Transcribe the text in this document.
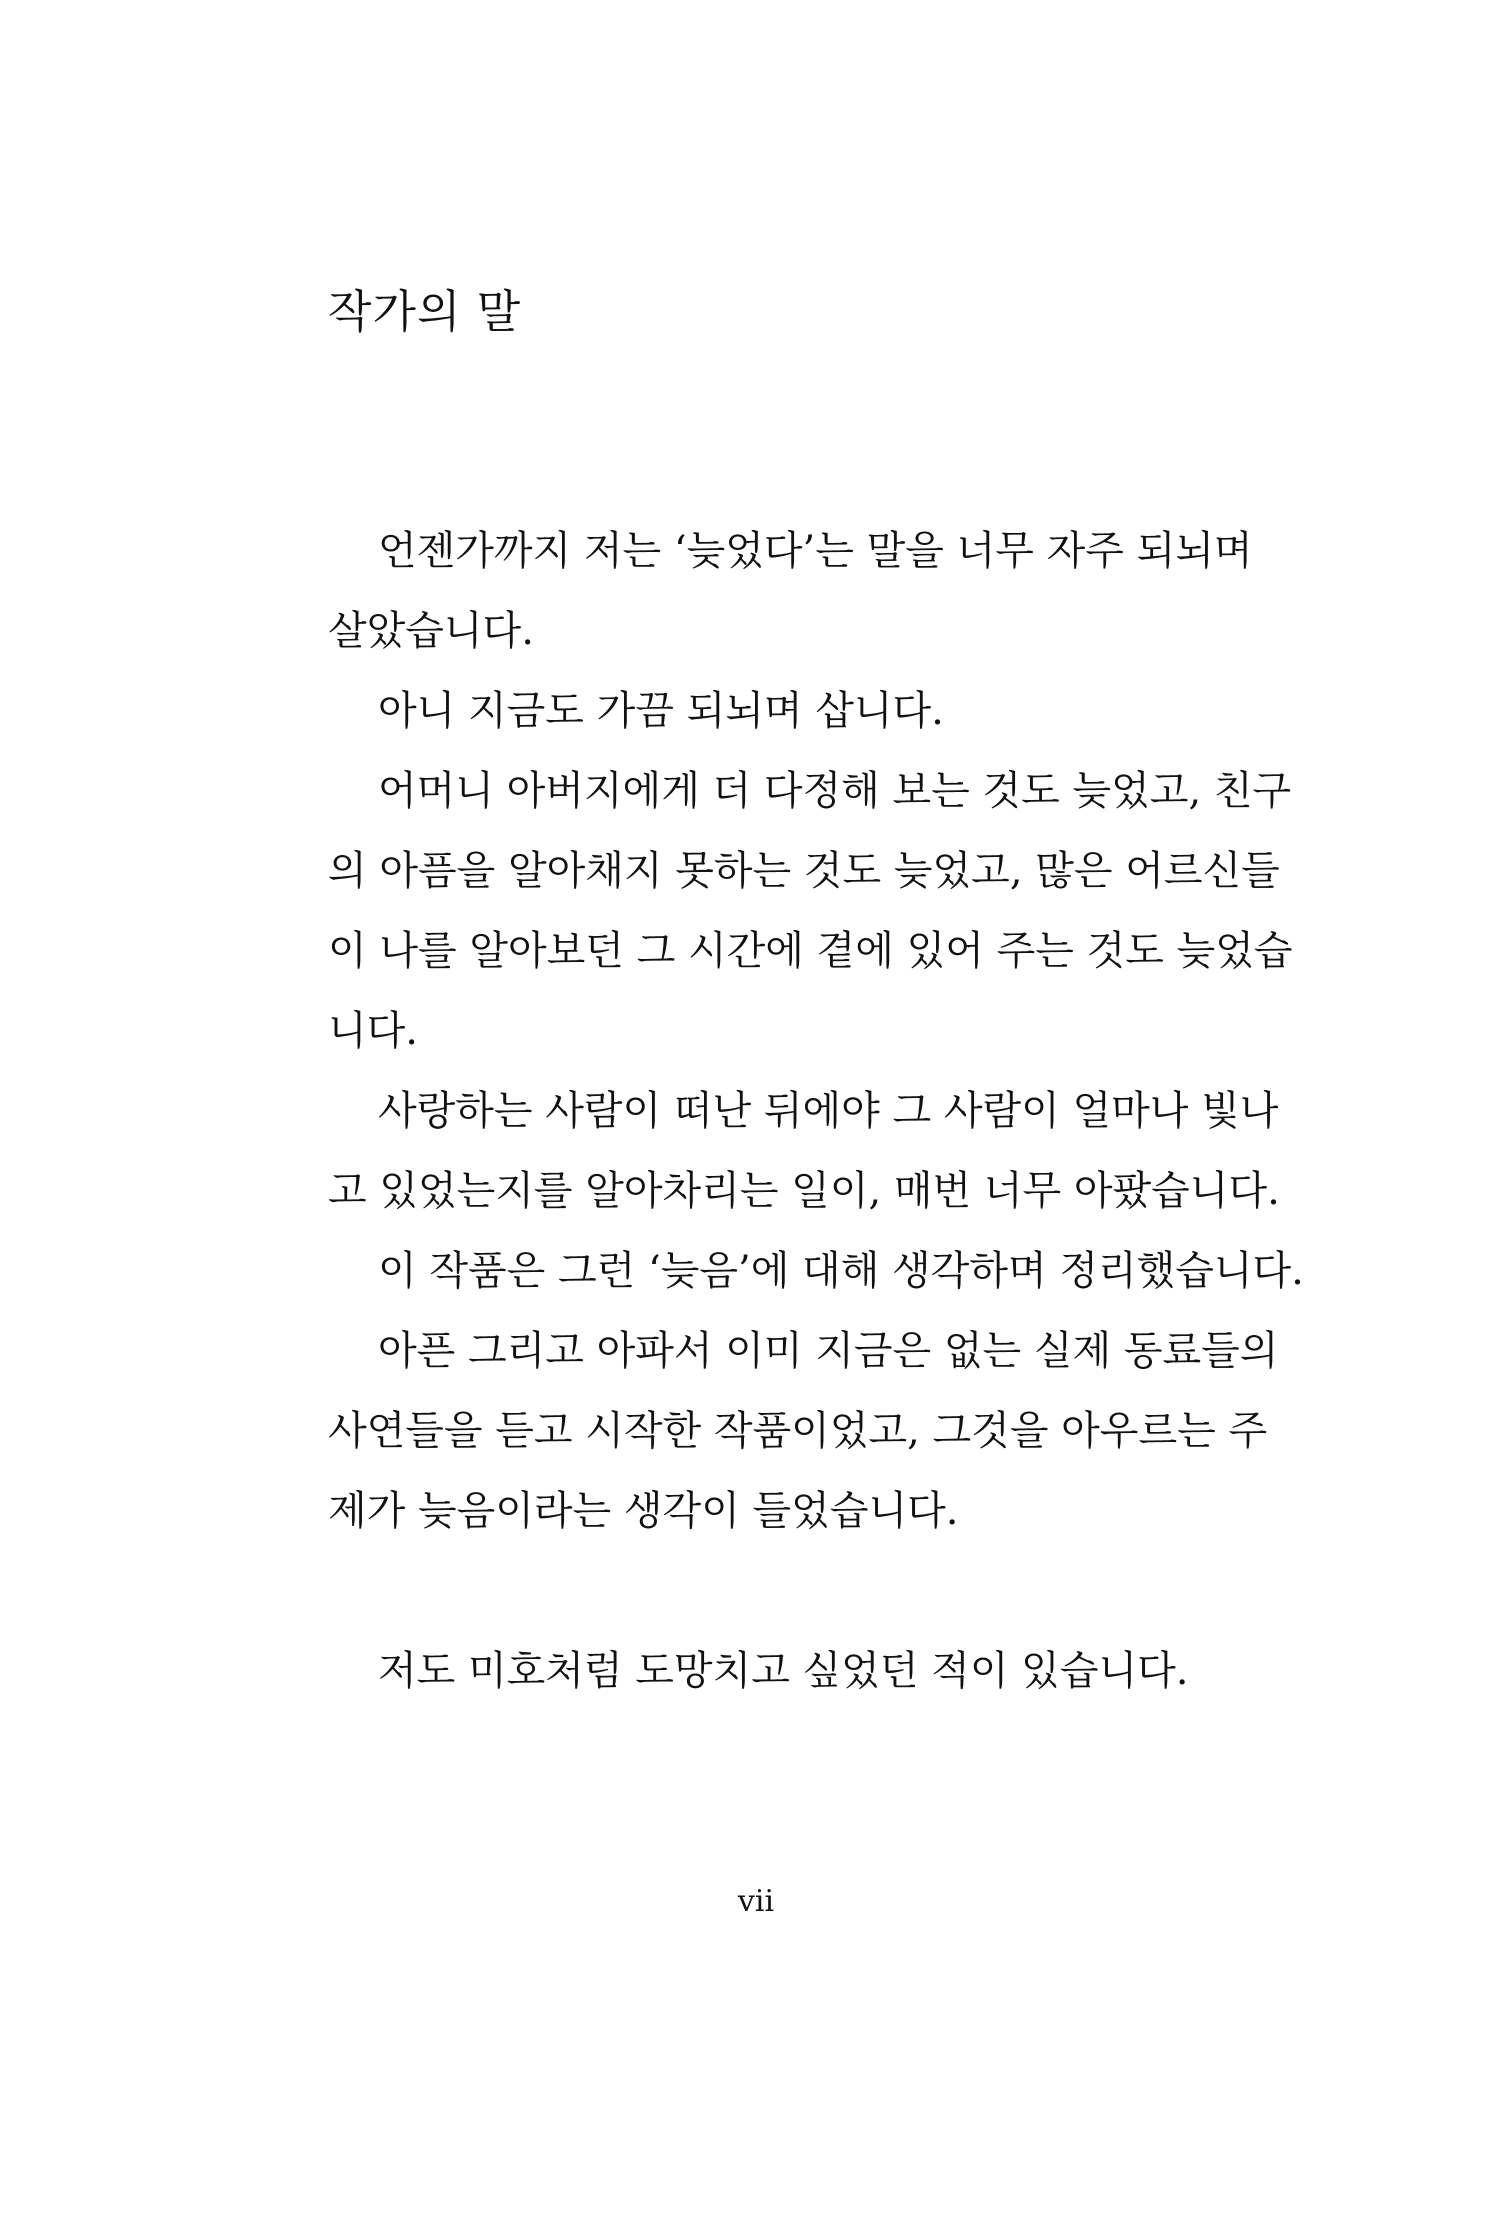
작가의 말
언젠가까지 저는 ‘늦었다’는 말을 너무 자주 되뇌며
살았습니다.
아니 지금도 가끔 되뇌며 삽니다.
어머니 아버지에게 더 다정해 보는 것도 늦었고, 친구
의 아픔을 알아채지 못하는 것도 늦었고, 많은 어르신들
이 나를 알아보던 그 시간에 곁에 있어 주는 것도 늦었습
니다.
사랑하는 사람이 떠난 뒤에야 그 사람이 얼마나 빛나
고 있었는지를 알아차리는 일이, 매번 너무 아팠습니다.
이 작품은 그런 ‘늦음’에 대해 생각하며 정리했습니다.
아픈 그리고 아파서 이미 지금은 없는 실제 동료들의
사연들을 듣고 시작한 작품이었고, 그것을 아우르는 주
제가 늦음이라는 생각이 들었습니다.
저도 미호처럼 도망치고 싶었던 적이 있습니다.
vii
